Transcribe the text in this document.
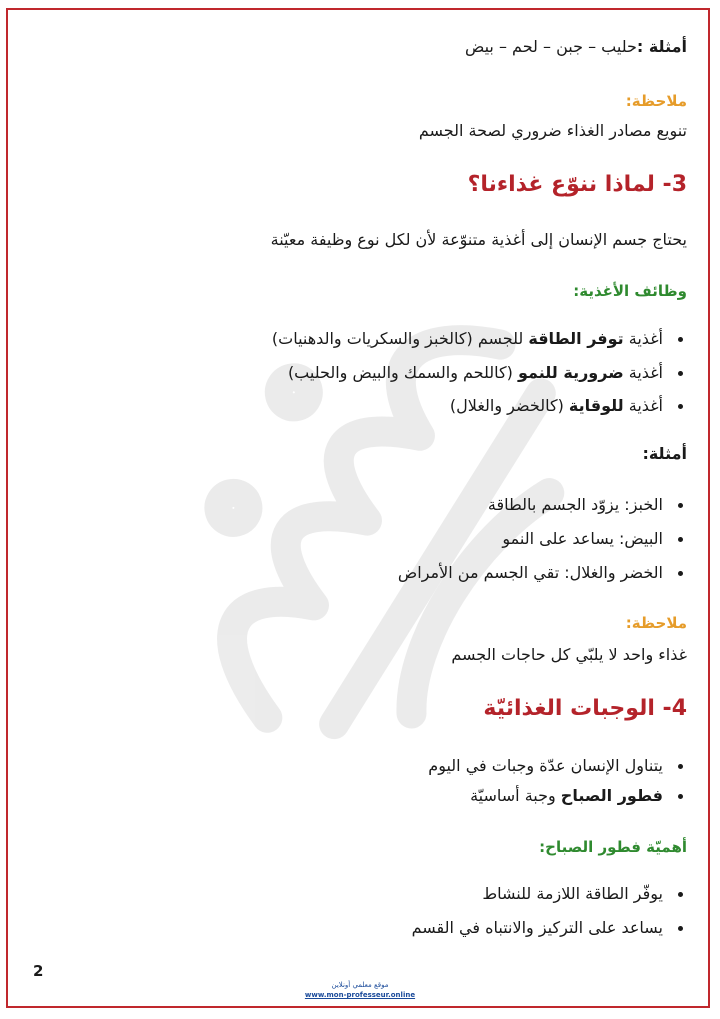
أمثلة :حليب – جبن – لحم – بيض
ملاحظة:
تنويع مصادر الغذاء ضروري لصحة الجسم
3- لماذا ننوّع غذاءنا؟
يحتاج جسم الإنسان إلى أغذية متنوّعة لأن لكل نوع وظيفة معيّنة
وظائف الأغذية:
أغذية توفر الطاقة للجسم (كالخبز والسكريات والدهنيات)
أغذية ضرورية للنمو (كاللحم والسمك والبيض والحليب)
أغذية للوقاية (كالخضر والغلال)
أمثلة:
الخبز: يزوّد الجسم بالطاقة
البيض: يساعد على النمو
الخضر والغلال: تقي الجسم من الأمراض
ملاحظة:
غذاء واحد لا يلبّي كل حاجات الجسم
4- الوجبات الغذائيّة
يتناول الإنسان عدّة وجبات في اليوم
فطور الصباح وجبة أساسيّة
أهميّة فطور الصباح:
يوفّر الطاقة اللازمة للنشاط
يساعد على التركيز والانتباه في القسم
2
موقع معلمي أونلاين
www.mon-professeur.online
